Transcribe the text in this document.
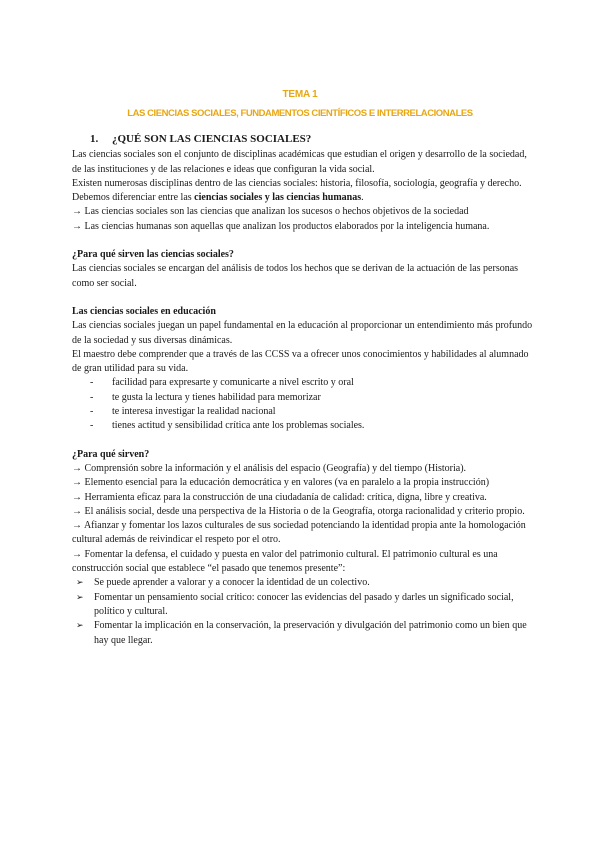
TEMA 1
LAS CIENCIAS SOCIALES, FUNDAMENTOS CIENTÍFICOS E INTERRELACIONALES
1. ¿QUÉ SON LAS CIENCIAS SOCIALES?

Las ciencias sociales son el conjunto de disciplinas académicas que estudian el origen y desarrollo de la sociedad, de las instituciones y de las relaciones e ideas que configuran la vida social.

Existen numerosas disciplinas dentro de las ciencias sociales: historia, filosofía, sociología, geografía y derecho.

Debemos diferenciar entre las ciencias sociales y las ciencias humanas.

→ Las ciencias sociales son las ciencias que analizan los sucesos o hechos objetivos de la sociedad

→ Las ciencias humanas son aquellas que analizan los productos elaborados por la inteligencia humana.

¿Para qué sirven las ciencias sociales?

Las ciencias sociales se encargan del análisis de todos los hechos que se derivan de la actuación de las personas como ser social.

Las ciencias sociales en educación

Las ciencias sociales juegan un papel fundamental en la educación al proporcionar un entendimiento más profundo de la sociedad y sus diversas dinámicas.

El maestro debe comprender que a través de las CCSS va a ofrecer unos conocimientos y habilidades al alumnado de gran utilidad para su vida.

- facilidad para expresarte y comunicarte a nivel escrito y oral
- te gusta la lectura y tienes habilidad para memorizar
- te interesa investigar la realidad nacional
- tienes actitud y sensibilidad crítica ante los problemas sociales.

¿Para qué sirven?

→ Comprensión sobre la información y el análisis del espacio (Geografía) y del tiempo (Historia).

→ Elemento esencial para la educación democrática y en valores (va en paralelo a la propia instrucción)

→ Herramienta eficaz para la construcción de una ciudadanía de calidad: crítica, digna, libre y creativa.

→ El análisis social, desde una perspectiva de la Historia o de la Geografía, otorga racionalidad y criterio propio.

→ Afianzar y fomentar los lazos culturales de sus sociedad potenciando la identidad propia ante la homologación cultural además de reivindicar el respeto por el otro.

→ Fomentar la defensa, el cuidado y puesta en valor del patrimonio cultural. El patrimonio cultural es una construcción social que establece “el pasado que tenemos presente”:

➢ Se puede aprender a valorar y a conocer la identidad de un colectivo.
➢ Fomentar un pensamiento social crítico: conocer las evidencias del pasado y darles un significado social, político y cultural.
➢ Fomentar la implicación en la conservación, la preservación y divulgación del patrimonio como un bien que hay que llegar.
